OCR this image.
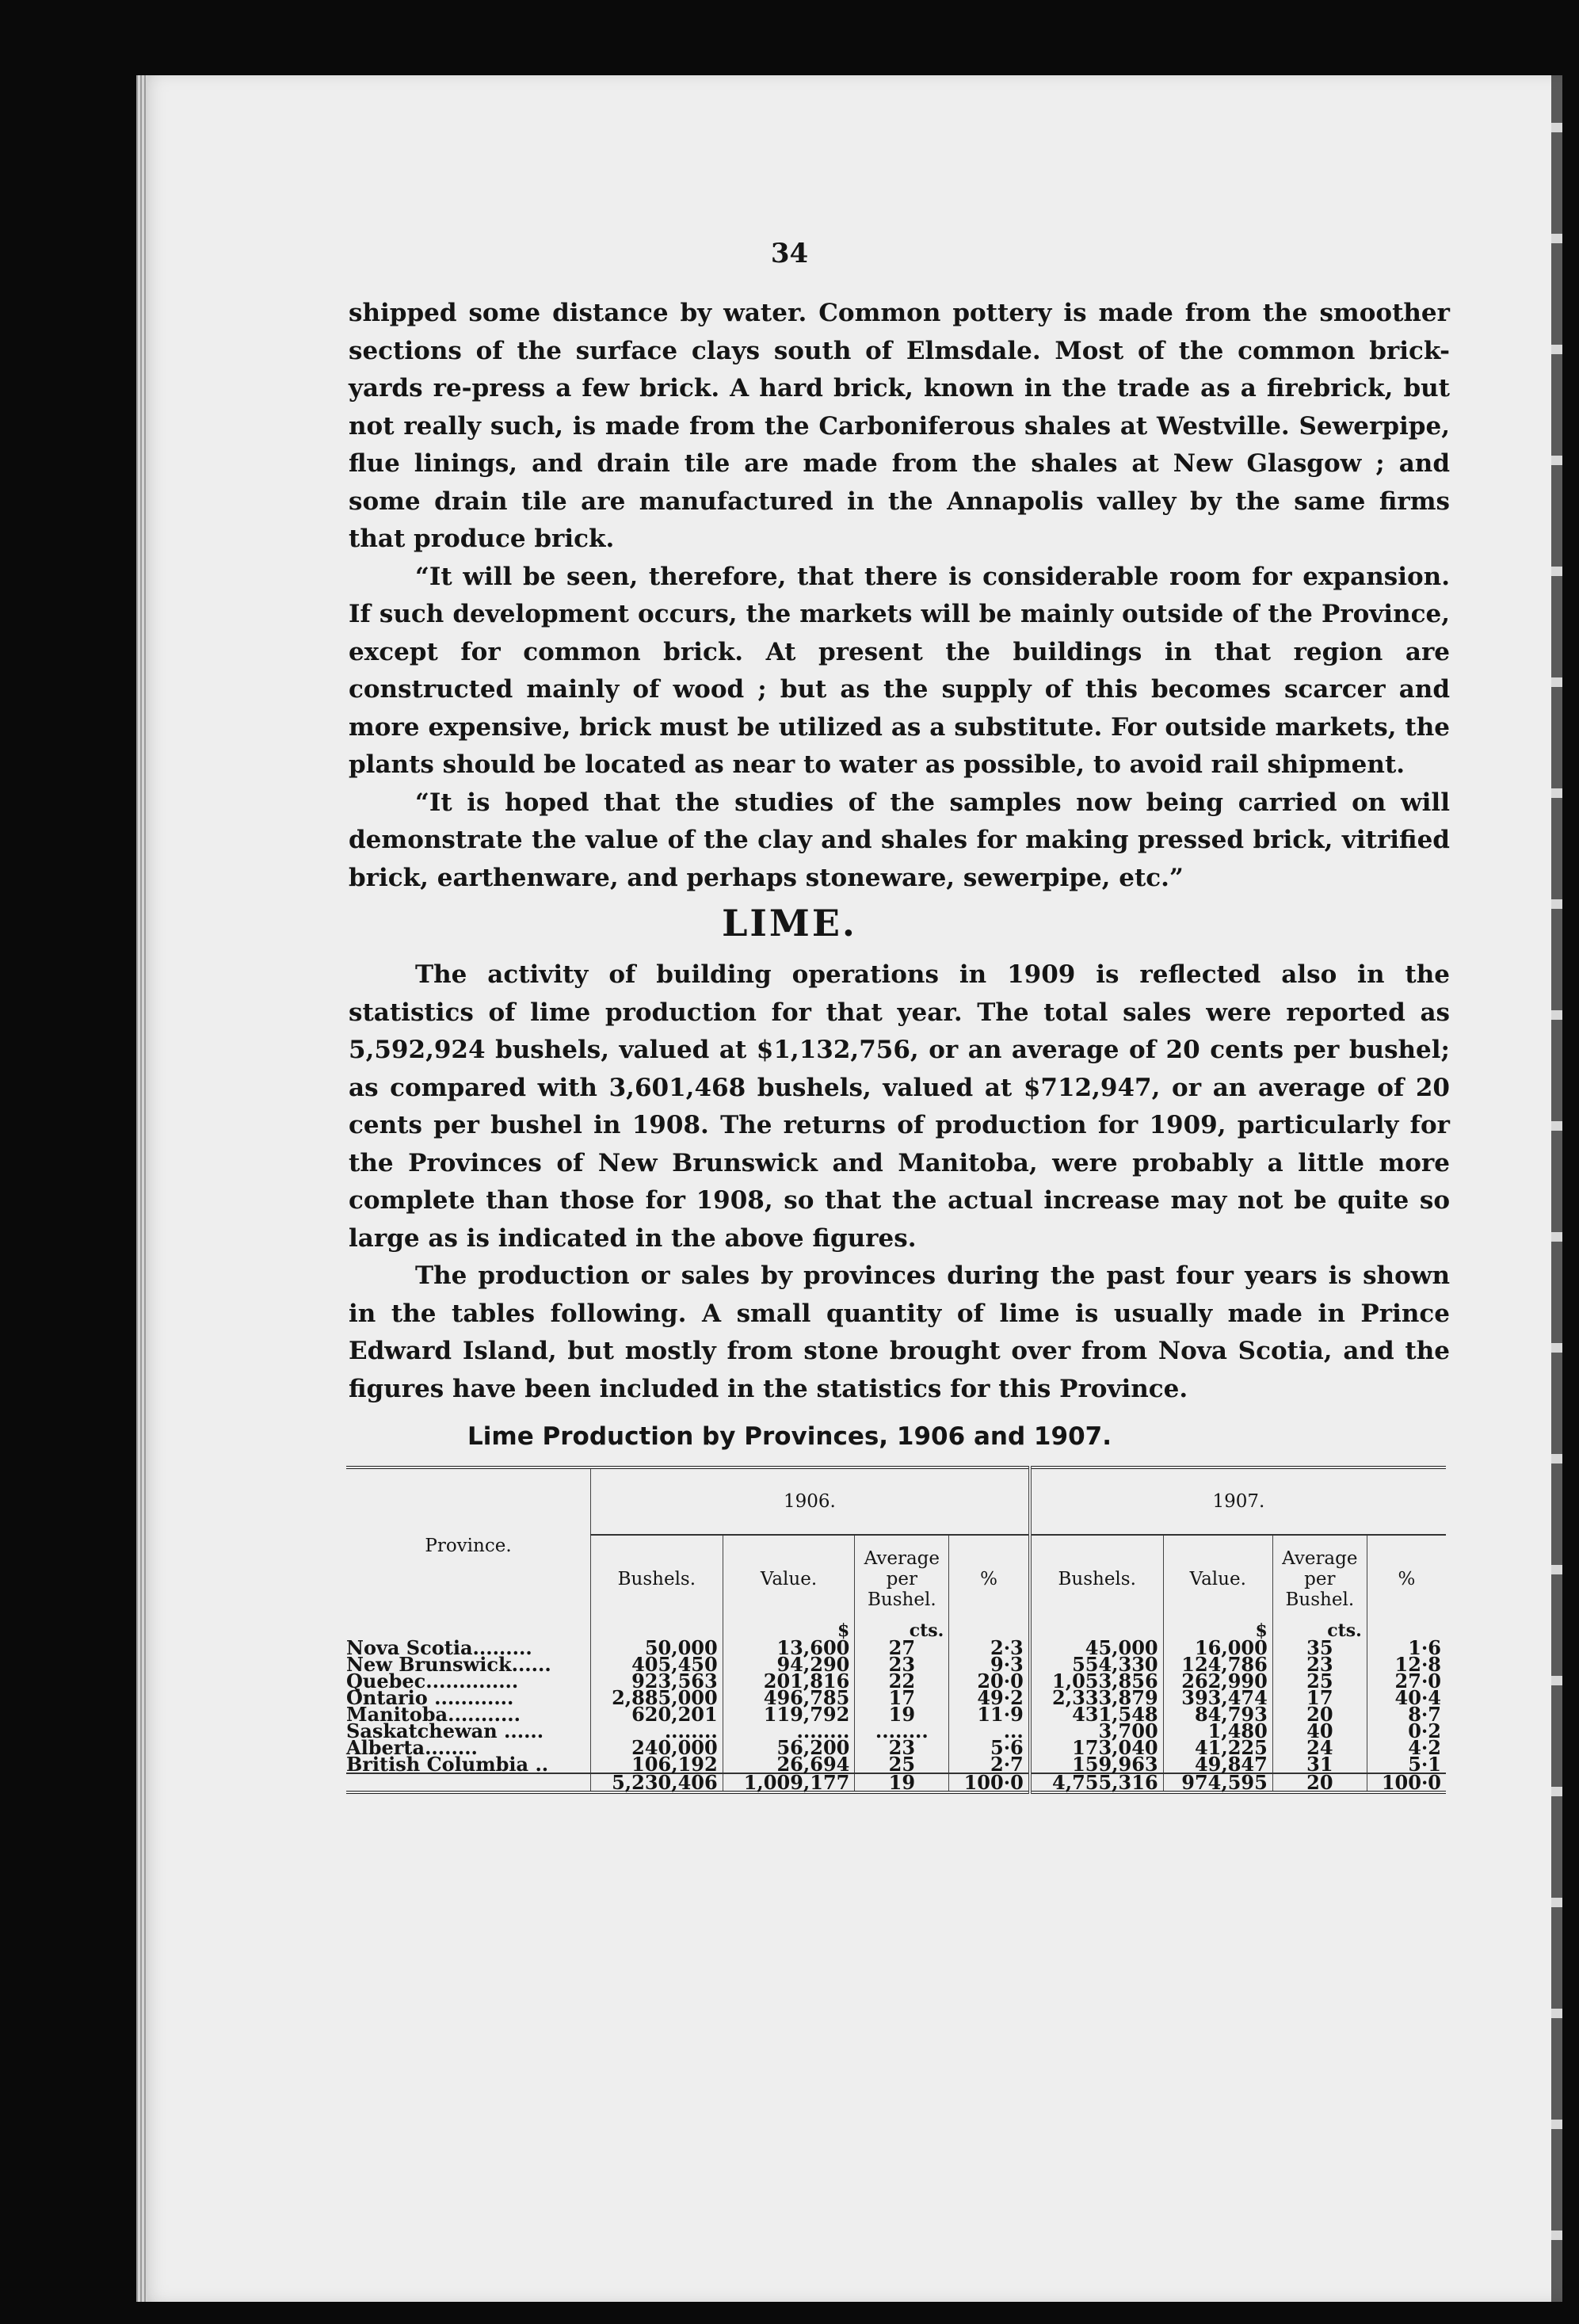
34

shipped some distance by water. Common pottery is made from the smoother sections of the surface clays south of Elmsdale. Most of the common brick-yards re-press a few brick. A hard brick, known in the trade as a firebrick, but not really such, is made from the Carboniferous shales at Westville. Sewerpipe, flue linings, and drain tile are made from the shales at New Glasgow ; and some drain tile are manufactured in the Annapolis valley by the same firms that produce brick.

“It will be seen, therefore, that there is considerable room for expansion. If such development occurs, the markets will be mainly outside of the Province, except for common brick. At present the buildings in that region are constructed mainly of wood ; but as the supply of this becomes scarcer and more expensive, brick must be utilized as a substitute. For outside markets, the plants should be located as near to water as possible, to avoid rail shipment.

“It is hoped that the studies of the samples now being carried on will demonstrate the value of the clay and shales for making pressed brick, vitrified brick, earthenware, and perhaps stoneware, sewerpipe, etc.”

LIME.

The activity of building operations in 1909 is reflected also in the statistics of lime production for that year. The total sales were reported as 5,592,924 bushels, valued at $1,132,756, or an average of 20 cents per bushel; as compared with 3,601,468 bushels, valued at $712,947, or an average of 20 cents per bushel in 1908. The returns of production for 1909, particularly for the Provinces of New Brunswick and Manitoba, were probably a little more complete than those for 1908, so that the actual increase may not be quite so large as is indicated in the above figures.

The production or sales by provinces during the past four years is shown in the tables following. A small quantity of lime is usually made in Prince Edward Island, but mostly from stone brought over from Nova Scotia, and the figures have been included in the statistics for this Province.

Lime Production by Provinces, 1906 and 1907.
Province.	1906.				1907.			
	Bushels.	Value.	Average per Bushel.	%	Bushels.	Value.	Average per Bushel.	%
		$	cts.			$	cts.	
Nova Scotia.........	50,000	13,600	27	2·3	45,000	16,000	35	1·6
New Brunswick......	405,450	94,290	23	9·3	554,330	124,786	23	12·8
Quebec..............	923,563	201,816	22	20·0	1,053,856	262,990	25	27·0
Ontario ............	2,885,000	496,785	17	49·2	2,333,879	393,474	17	40·4
Manitoba...........	620,201	119,792	19	11·9	431,548	84,793	20	8·7
Saskatchewan ......	........	........	........	...	3,700	1,480	40	0·2
Alberta........	240,000	56,200	23	5·6	173,040	41,225	24	4·2
British Columbia ..	106,192	26,694	25	2·7	159,963	49,847	31	5·1
	5,230,406	1,009,177	19	100·0	4,755,316	974,595	20	100·0
